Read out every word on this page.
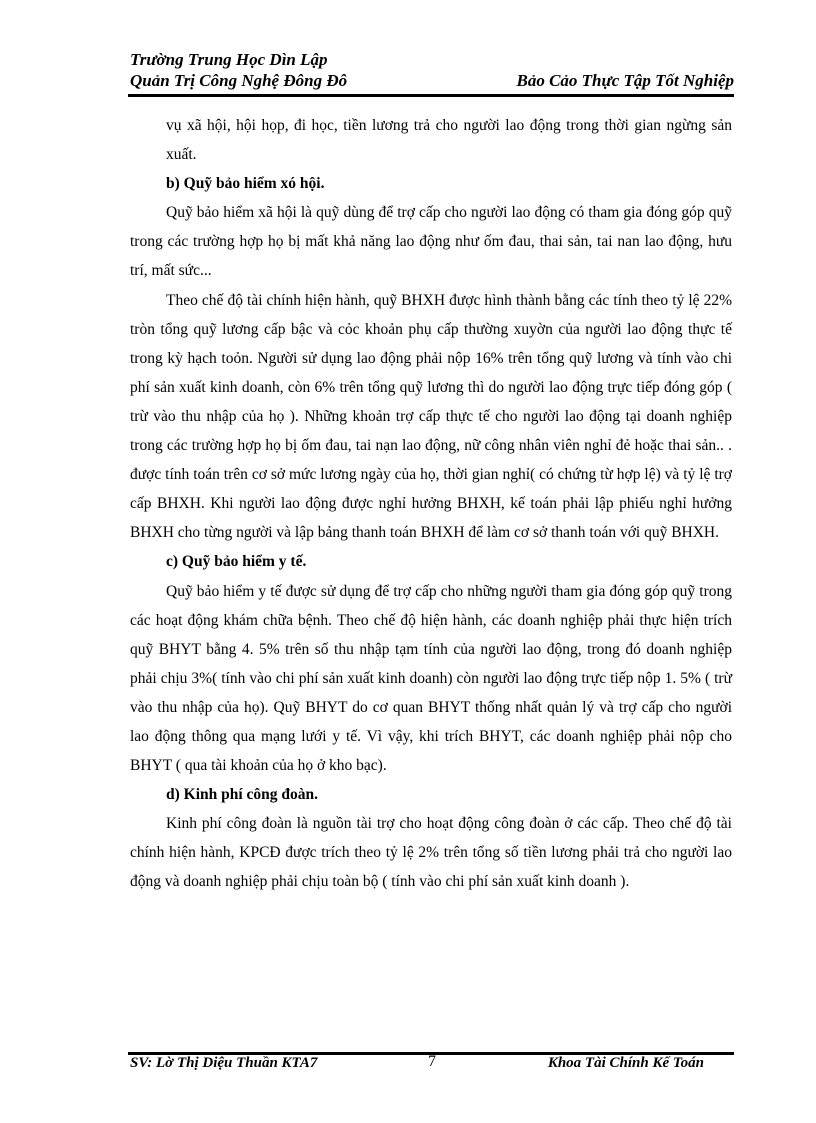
Trường Trung Học Dìn Lập
Quản Trị Công Nghệ Đông Đô	Bảo Cảo Thực Tập Tốt Nghiệp

vụ xã hội, hội họp, đi học, tiền lương trả cho người lao động trong thời gian ngừng sản xuất.

b) Quỹ bảo hiểm xó hội.

Quỹ bảo hiểm xã hội là quỹ dùng để trợ cấp cho người lao động có tham gia đóng góp quỹ trong các trường hợp họ bị mất khả năng lao động như ốm đau, thai sản, tai nan lao động, hưu trí, mất sức...

Theo chế độ tài chính hiện hành, quỹ BHXH được hình thành bằng các tính theo tỷ lệ 22% tròn tổng quỹ lương cấp bậc và cỏc khoản phụ cấp thường xuyờn của người lao động thực tế trong kỳ hạch toỏn. Người sử dụng lao động phải nộp 16% trên tổng quỹ lương và tính vào chi phí sản xuất kinh doanh, còn 6% trên tổng quỹ lương thì do người lao động trực tiếp đóng góp ( trừ vào thu nhập của họ ). Những khoản trợ cấp thực tế cho người lao động tại doanh nghiệp trong các trường hợp họ bị ốm đau, tai nạn lao động, nữ công nhân viên nghỉ đẻ hoặc thai sản.. . được tính toán trên cơ sở mức lương ngày của họ, thời gian nghỉ( có chứng từ hợp lệ) và tỷ lệ trợ cấp BHXH. Khi người lao động được nghỉ hưởng BHXH, kế toán phải lập phiếu nghỉ hưởng BHXH cho từng người và lập bảng thanh toán BHXH để làm cơ sở thanh toán với quỹ BHXH.

c) Quỹ bảo hiểm y tế.

Quỹ bảo hiểm y tế được sử dụng để trợ cấp cho những người tham gia đóng góp quỹ trong các hoạt động khám chữa bệnh. Theo chế độ hiện hành, các doanh nghiệp phải thực hiện trích quỹ BHYT bằng 4. 5% trên số thu nhập tạm tính của người lao động, trong đó doanh nghiệp phải chịu 3%( tính vào chi phí sản xuất kinh doanh) còn người lao động trực tiếp nộp 1. 5% ( trừ vào thu nhập của họ). Quỹ BHYT do cơ quan BHYT thống nhất quản lý và trợ cấp cho người lao động thông qua mạng lưới y tế. Vì vậy, khi trích BHYT, các doanh nghiệp phải nộp cho BHYT ( qua tài khoản của họ ở kho bạc).

d) Kinh phí công đoàn.

Kinh phí công đoàn là nguồn tài trợ cho hoạt động công đoàn ở các cấp. Theo chế độ tài chính hiện hành, KPCĐ được trích theo tỷ lệ 2% trên tổng số tiền lương phải trả cho người lao động và doanh nghiệp phải chịu toàn bộ ( tính vào chi phí sản xuất kinh doanh ).

SV: Lờ Thị Diệu Thuần KTA7	7	Khoa Tài Chính Kế Toán
